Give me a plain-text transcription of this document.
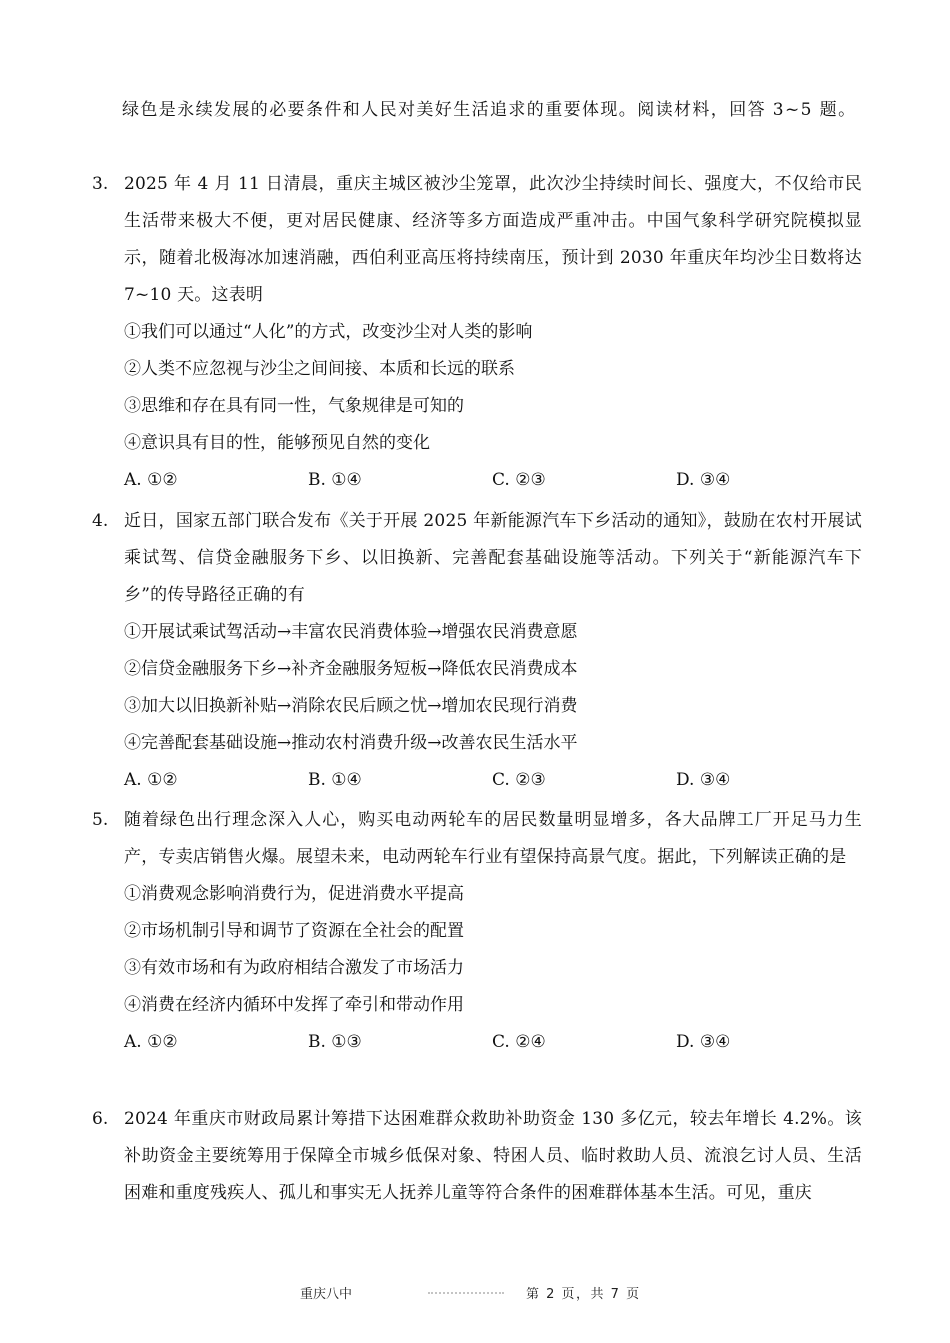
绿色是永续发展的必要条件和人民对美好生活追求的重要体现。阅读材料，回答 3~5 题。

3. 2025 年 4 月 11 日清晨，重庆主城区被沙尘笼罩，此次沙尘持续时间长、强度大，不仅给市民生活带来极大不便，更对居民健康、经济等多方面造成严重冲击。中国气象科学研究院模拟显示，随着北极海冰加速消融，西伯利亚高压将持续南压，预计到 2030 年重庆年均沙尘日数将达 7~10 天。这表明
①我们可以通过“人化”的方式，改变沙尘对人类的影响
②人类不应忽视与沙尘之间间接、本质和长远的联系
③思维和存在具有同一性，气象规律是可知的
④意识具有目的性，能够预见自然的变化
A. ①②	B. ①④	C. ②③	D. ③④
4. 近日，国家五部门联合发布《关于开展 2025 年新能源汽车下乡活动的通知》，鼓励在农村开展试乘试驾、信贷金融服务下乡、以旧换新、完善配套基础设施等活动。下列关于“新能源汽车下乡”的传导路径正确的有
①开展试乘试驾活动→丰富农民消费体验→增强农民消费意愿
②信贷金融服务下乡→补齐金融服务短板→降低农民消费成本
③加大以旧换新补贴→消除农民后顾之忧→增加农民现行消费
④完善配套基础设施→推动农村消费升级→改善农民生活水平
A. ①②	B. ①④	C. ②③	D. ③④
5. 随着绿色出行理念深入人心，购买电动两轮车的居民数量明显增多，各大品牌工厂开足马力生产，专卖店销售火爆。展望未来，电动两轮车行业有望保持高景气度。据此，下列解读正确的是
①消费观念影响消费行为，促进消费水平提高
②市场机制引导和调节了资源在全社会的配置
③有效市场和有为政府相结合激发了市场活力
④消费在经济内循环中发挥了牵引和带动作用
A. ①②	B. ①③	C. ②④	D. ③④
6. 2024 年重庆市财政局累计筹措下达困难群众救助补助资金 130 多亿元，较去年增长 4.2%。该补助资金主要统筹用于保障全市城乡低保对象、特困人员、临时救助人员、流浪乞讨人员、生活困难和重度残疾人、孤儿和事实无人抚养儿童等符合条件的困难群体基本生活。可见，重庆
重庆八中	第 2 页，共 7 页
